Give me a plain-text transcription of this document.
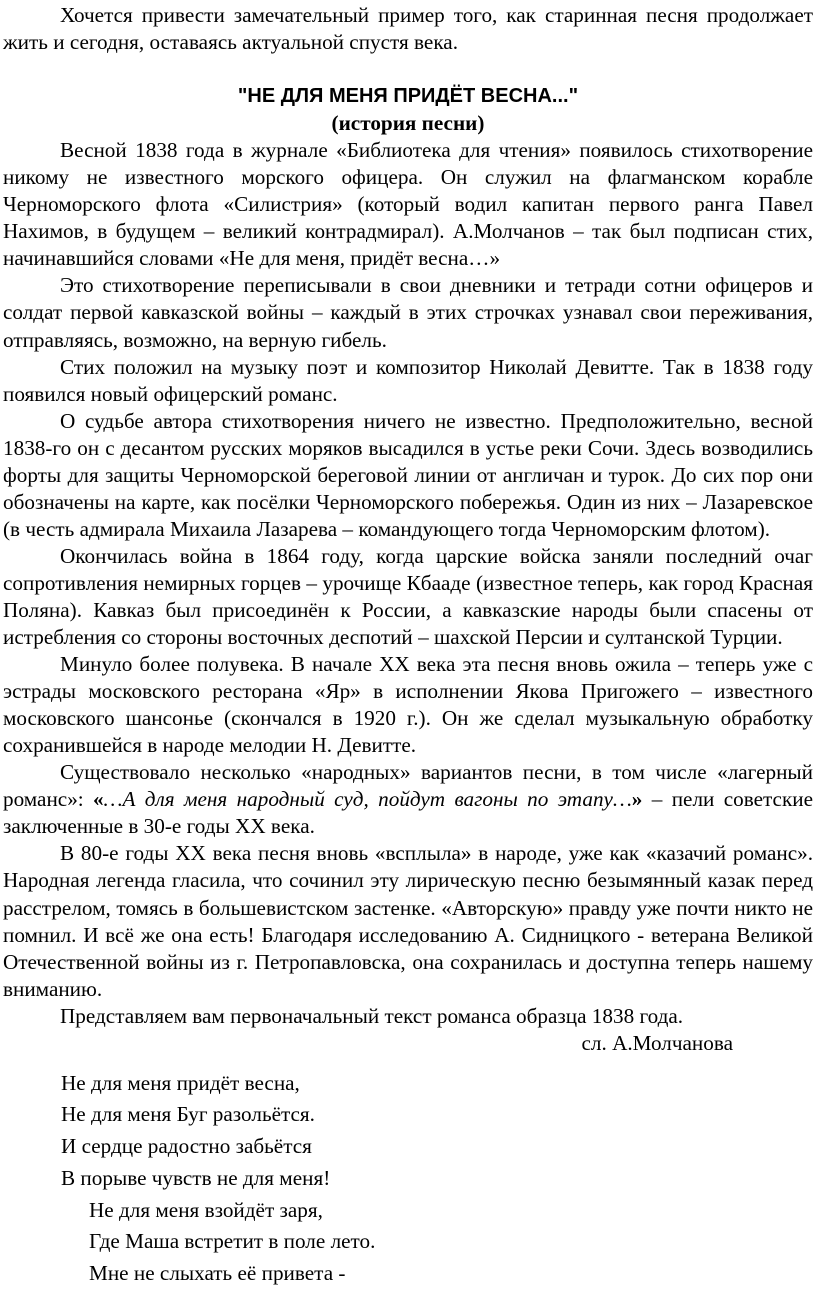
Хочется привести замечательный пример того, как старинная песня продолжает жить и сегодня, оставаясь актуальной спустя века.

"НЕ ДЛЯ МЕНЯ ПРИДЁТ ВЕСНА..."

(история песни)

Весной 1838 года в журнале «Библиотека для чтения» появилось стихотворение никому не известного морского офицера. Он служил на флагманском корабле Черноморского флота «Силистрия» (который водил капитан первого ранга Павел Нахимов, в будущем – великий контрадмирал). А.Молчанов – так был подписан стих, начинавшийся словами «Не для меня, придёт весна…»

Это стихотворение переписывали в свои дневники и тетради сотни офицеров и солдат первой кавказской войны – каждый в этих строчках узнавал свои переживания, отправляясь, возможно, на верную гибель.

Стих положил на музыку поэт и композитор Николай Девитте. Так в 1838 году появился новый офицерский романс.

О судьбе автора стихотворения ничего не известно. Предположительно, весной 1838-го он с десантом русских моряков высадился в устье реки Сочи. Здесь возводились форты для защиты Черноморской береговой линии от англичан и турок. До сих пор они обозначены на карте, как посёлки Черноморского побережья. Один из них – Лазаревское (в честь адмирала Михаила Лазарева – командующего тогда Черноморским флотом).

Окончилась война в 1864 году, когда царские войска заняли последний очаг сопротивления немирных горцев – урочище Кбааде (известное теперь, как город Красная Поляна). Кавказ был присоединён к России, а кавказские народы были спасены от истребления со стороны восточных деспотий – шахской Персии и султанской Турции.

Минуло более полувека. В начале XX века эта песня вновь ожила – теперь уже с эстрады московского ресторана «Яр» в исполнении Якова Пригожего – известного московского шансонье (скончался в 1920 г.). Он же сделал музыкальную обработку сохранившейся в народе мелодии Н. Девитте.

Существовало несколько «народных» вариантов песни, в том числе «лагерный романс»: «…А для меня народный суд, пойдут вагоны по этапу…» – пели советские заключенные в 30-е годы XX века.

В 80-е годы XX века песня вновь «всплыла» в народе, уже как «казачий романс». Народная легенда гласила, что сочинил эту лирическую песню безымянный казак перед расстрелом, томясь в большевистском застенке. «Авторскую» правду уже почти никто не помнил. И всё же она есть! Благодаря исследованию А. Сидницкого - ветерана Великой Отечественной войны из г. Петропавловска, она сохранилась и доступна теперь нашему вниманию.

Представляем вам первоначальный текст романса образца 1838 года.

сл. А.Молчанова

Не для меня придёт весна,

Не для меня Буг разольётся.

И сердце радостно забьётся

В порыве чувств не для меня!

Не для меня взойдёт заря,

Где Маша встретит в поле лето.

Мне не слыхать её привета -
